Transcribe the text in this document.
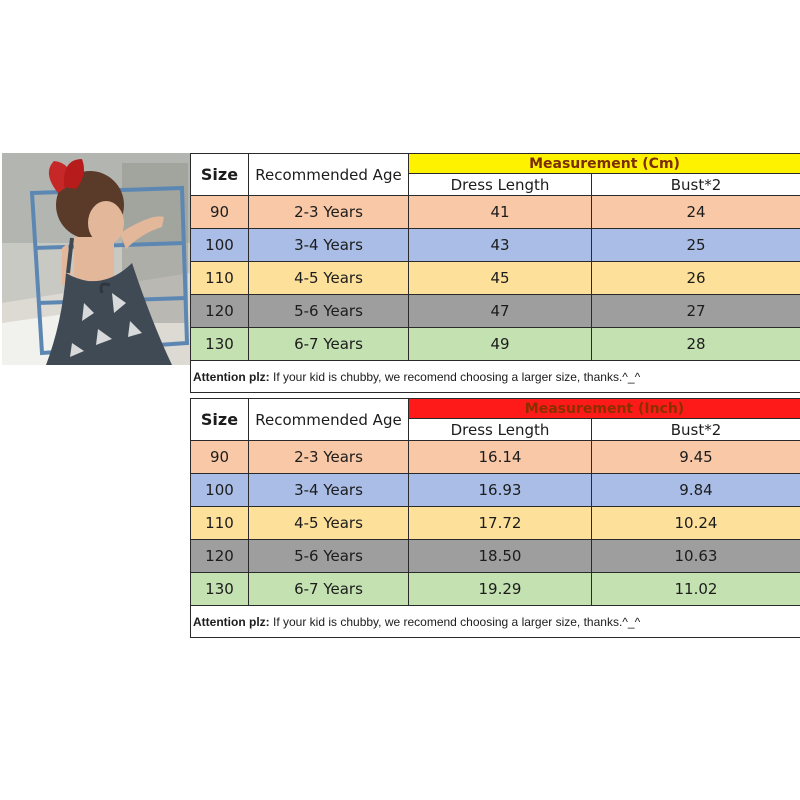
Size	Recommended Age	Measurement (Cm)	
		Dress Length	Bust*2
90	2-3 Years	41	24
100	3-4 Years	43	25
110	4-5 Years	45	26
120	5-6 Years	47	27
130	6-7 Years	49	28
Attention plz: If your kid is chubby, we recomend choosing a larger size, thanks.^_^			
Size	Recommended Age	Measurement (Inch)	
		Dress Length	Bust*2
90	2-3 Years	16.14	9.45
100	3-4 Years	16.93	9.84
110	4-5 Years	17.72	10.24
120	5-6 Years	18.50	10.63
130	6-7 Years	19.29	11.02
Attention plz: If your kid is chubby, we recomend choosing a larger size, thanks.^_^			
